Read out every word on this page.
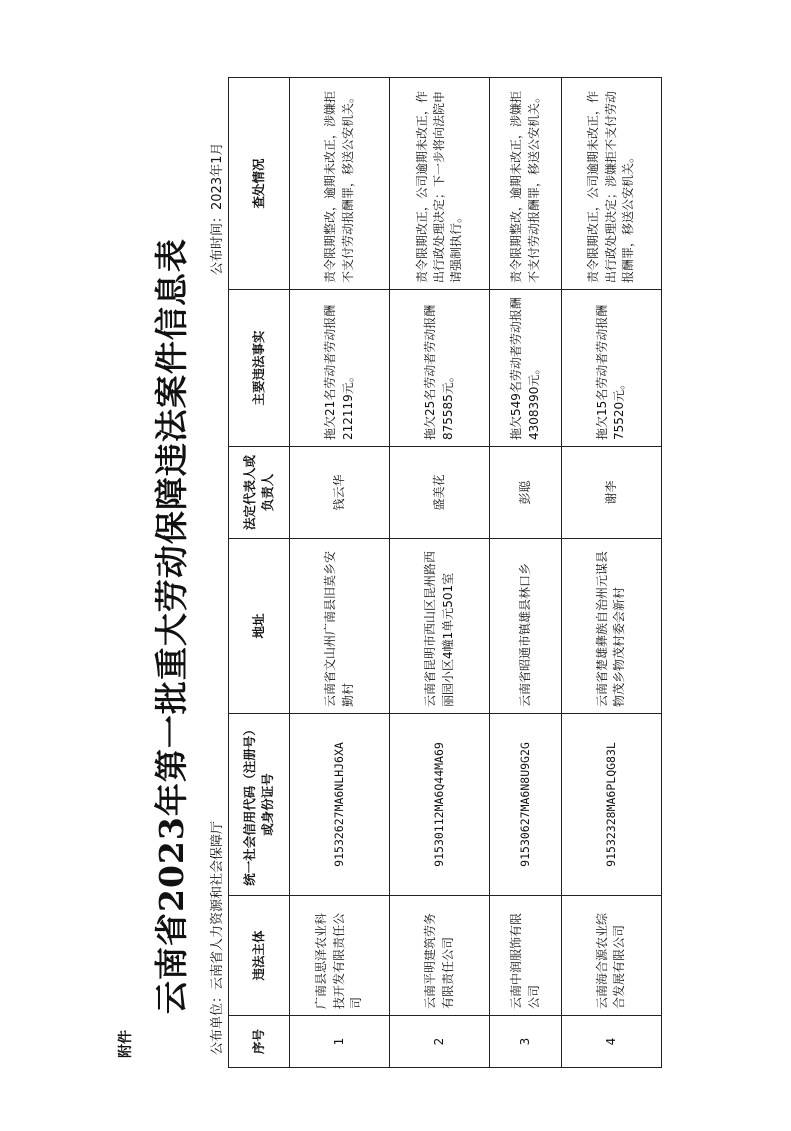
附件
云南省2023年第一批重大劳动保障违法案件信息表	公布单位：云南省人力资源和社会保障厅
公布时间：2023年1月
序号	违法主体	统一社会信用代码（注册号）或身份证号	地址	法定代表人或负责人	主要违法事实	查处情况
1	广南县思泽农业科技开发有限责任公司	91532627MA6NLHJ6XA	云南省文山州广南县旧莫乡安勤村	钱云华	拖欠21名劳动者劳动报酬212119元。	责令限期整改，逾期未改正，涉嫌拒不支付劳动报酬罪，移送公安机关。
2	云南平明建筑劳务有限责任公司	91530112MA6Q44MA69	云南省昆明市西山区昆州路西丽园小区4幢1单元501室	盛美花	拖欠25名劳动者劳动报酬875585元。	责令限期改正，公司逾期未改正，作出行政处理决定；下一步将向法院申请强制执行。
3	云南中润服饰有限公司	91530627MA6N8U9G2G	云南省昭通市镇雄县林口乡	彭聪	拖欠549名劳动者劳动报酬4308390元。	责令限期整改，逾期未改正，涉嫌拒不支付劳动报酬罪，移送公安机关。
4	云南海合源农业综合发展有限公司	91532328MA6PLQG83L	云南省楚雄彝族自治州元谋县物茂乡物茂村委会新村	谢李	拖欠15名劳动者劳动报酬75520元。	责令限期改正，公司逾期未改正，作出行政处理决定；涉嫌拒不支付劳动报酬罪，移送公安机关。
